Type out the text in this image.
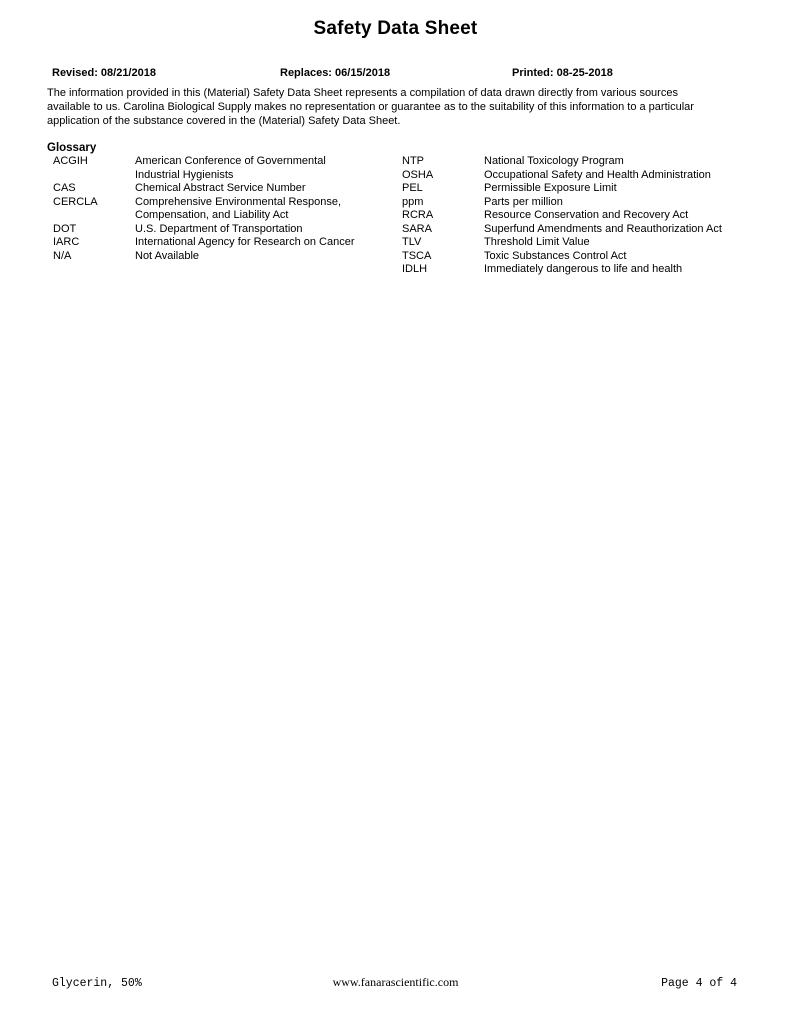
Safety Data Sheet
Revised: 08/21/2018	Replaces: 06/15/2018	Printed: 08-25-2018
The information provided in this (Material) Safety Data Sheet represents a compilation of data drawn directly from various sources
available to us. Carolina Biological Supply makes no representation or guarantee as to the suitability of this information to a particular
application of the substance covered in the (Material) Safety Data Sheet.
Glossary
ACGIH	American Conference of Governmental
Industrial Hygienists
CAS	Chemical Abstract Service Number
CERCLA	Comprehensive Environmental Response,
Compensation, and Liability Act
DOT	U.S. Department of Transportation
IARC	International Agency for Research on Cancer
N/A	Not Available
NTP	National Toxicology Program
OSHA	Occupational Safety and Health Administration
PEL	Permissible Exposure Limit
ppm	Parts per million
RCRA	Resource Conservation and Recovery Act
SARA	Superfund Amendments and Reauthorization Act
TLV	Threshold Limit Value
TSCA	Toxic Substances Control Act
IDLH	Immediately dangerous to life and health
Glycerin, 50%	www.fanarascientific.com	Page 4 of 4
